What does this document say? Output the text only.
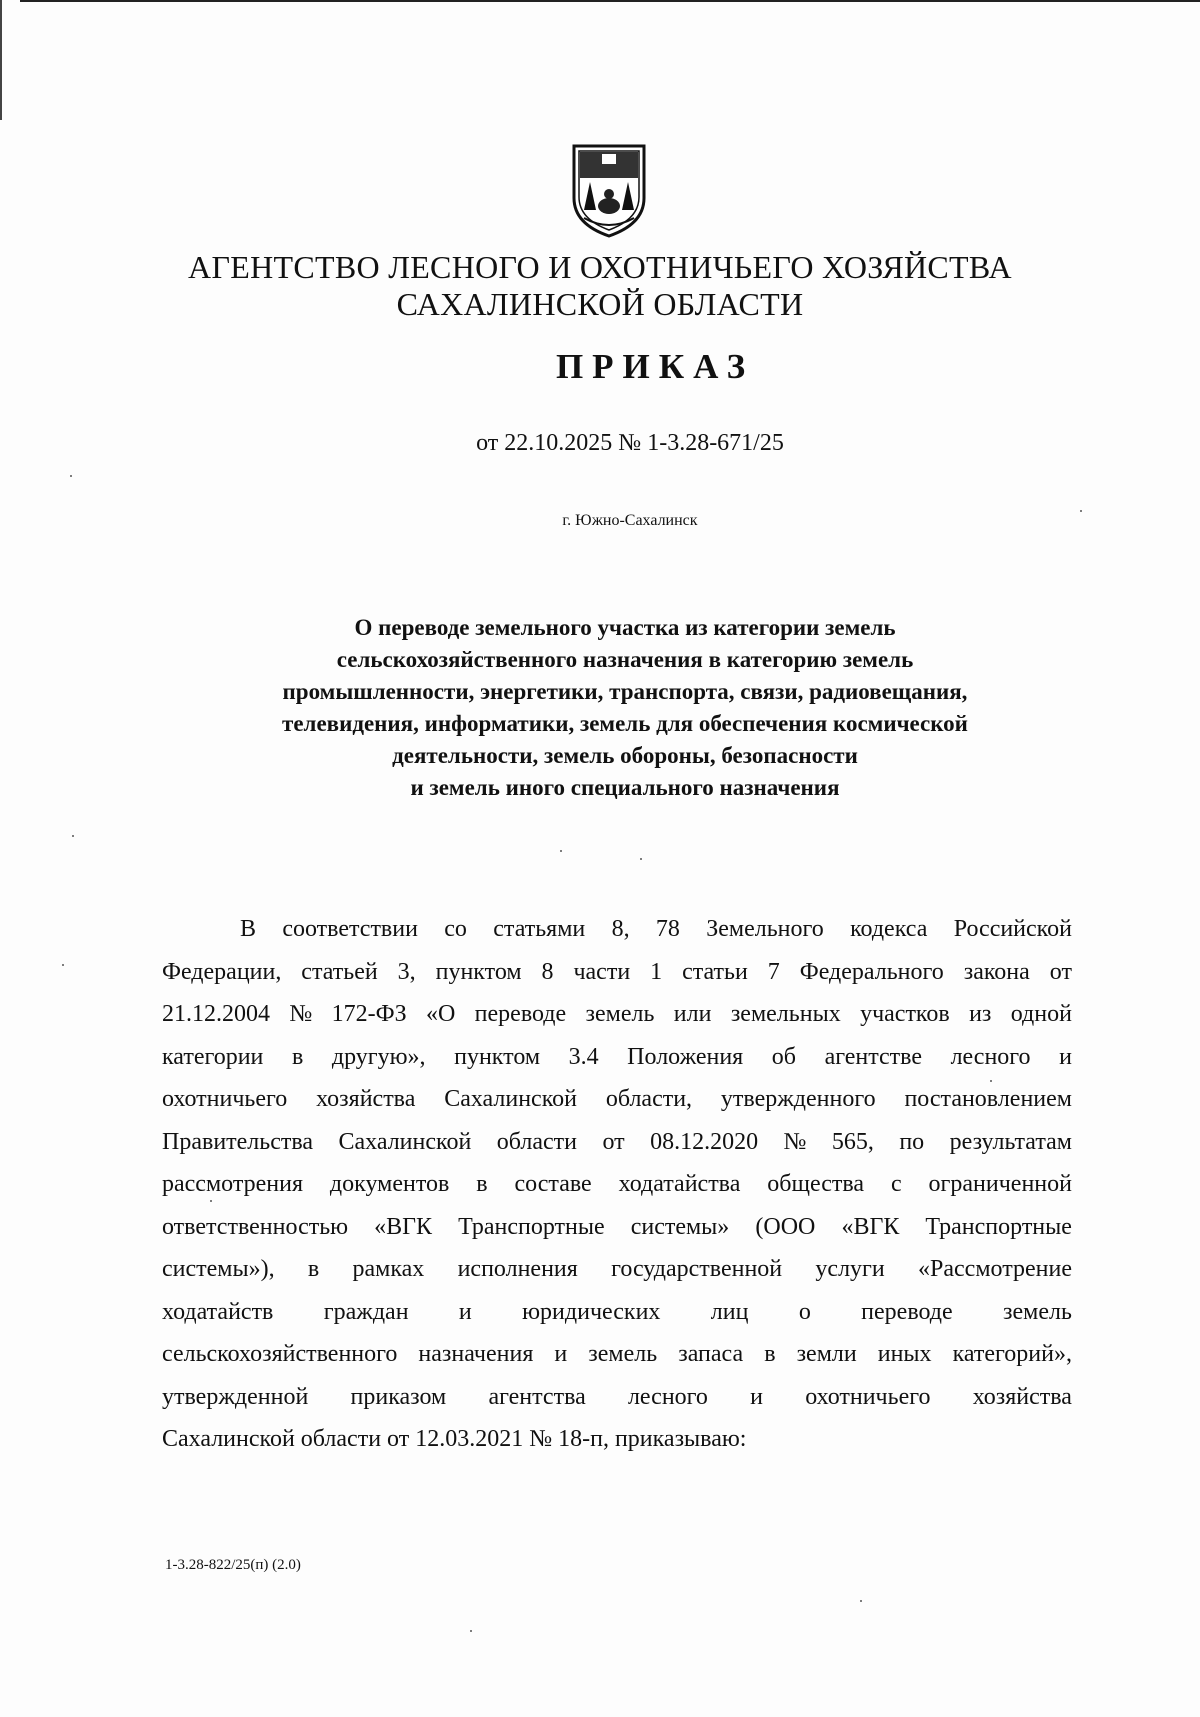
АГЕНТСТВО ЛЕСНОГО И ОХОТНИЧЬЕГО ХОЗЯЙСТВА
САХАЛИНСКОЙ ОБЛАСТИ
ПРИКАЗ
от 22.10.2025 № 1-3.28-671/25
г. Южно-Сахалинск
О переводе земельного участка из категории земель
сельскохозяйственного назначения в категорию земель
промышленности, энергетики, транспорта, связи, радиовещания,
телевидения, информатики, земель для обеспечения космической
деятельности, земель обороны, безопасности
и земель иного специального назначения
В соответствии со статьями 8, 78 Земельного кодекса Российской
Федерации, статьей 3, пунктом 8 части 1 статьи 7 Федерального закона от
21.12.2004 № 172-ФЗ «О переводе земель или земельных участков из одной
категории в другую», пунктом 3.4 Положения об агентстве лесного и
охотничьего хозяйства Сахалинской области, утвержденного постановлением
Правительства Сахалинской области от 08.12.2020 № 565, по результатам
рассмотрения документов в составе ходатайства общества с ограниченной
ответственностью «ВГК Транспортные системы» (ООО «ВГК Транспортные
системы»), в рамках исполнения государственной услуги «Рассмотрение
ходатайств граждан и юридических лиц о переводе земель
сельскохозяйственного назначения и земель запаса в земли иных категорий»,
утвержденной приказом агентства лесного и охотничьего хозяйства
Сахалинской области от 12.03.2021 № 18-п, приказываю:
1-3.28-822/25(п) (2.0)
